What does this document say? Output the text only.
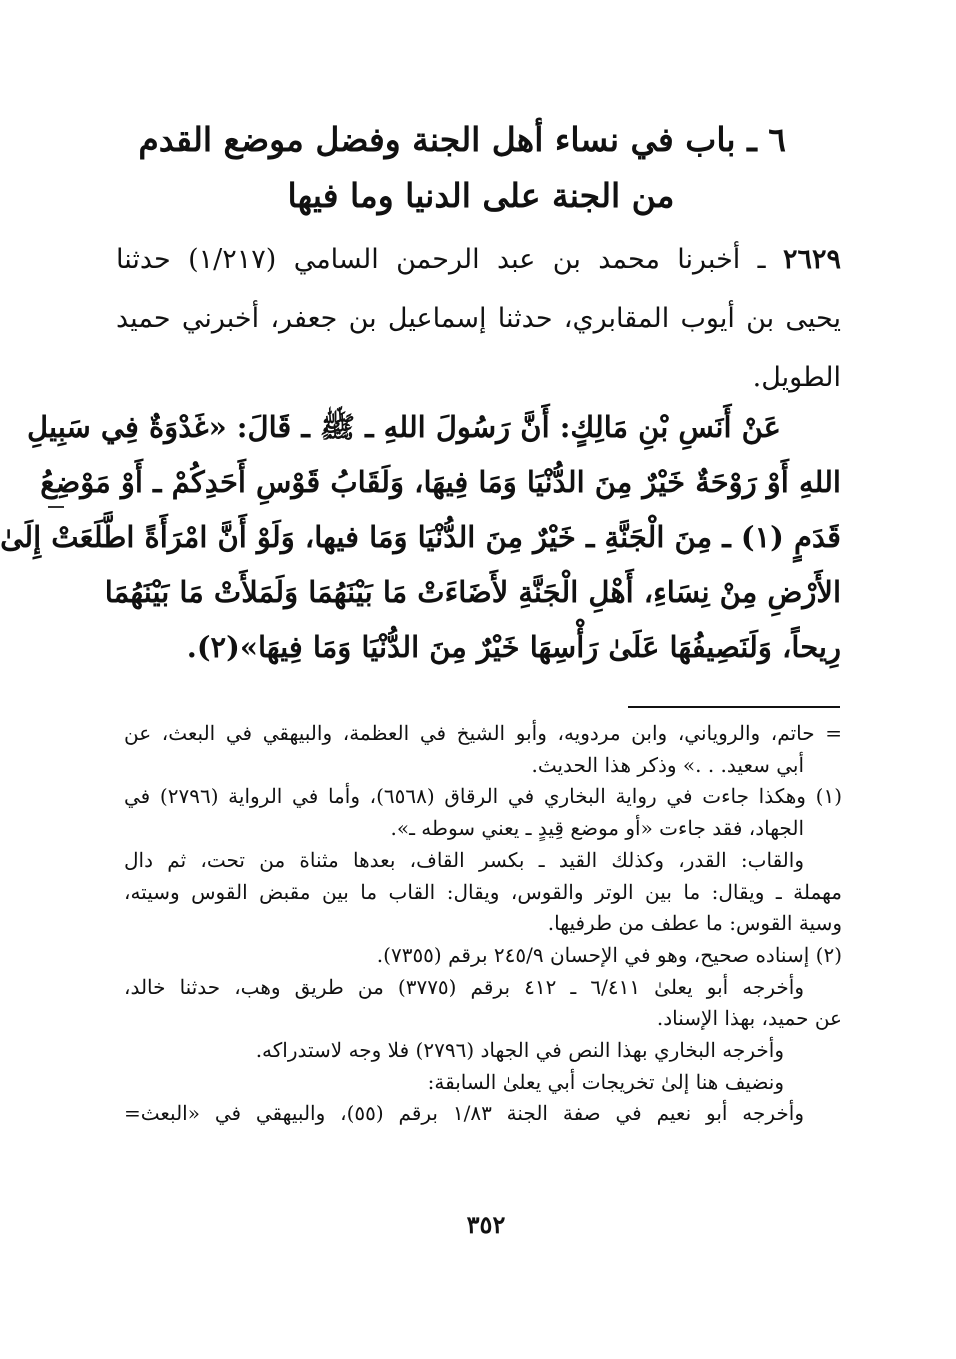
٦ ـ باب في نساء أهل الجنة وفضل موضع القدم
من الجنة على الدنيا وما فيها
٢٦٢٩ ـ أخبرنا محمد بن عبد الرحمن السامي (١/٢١٧) حدثنا
يحيى بن أيوب المقابري، حدثنا إسماعيل بن جعفر، أخبرني حميد
الطويل.
عَنْ أَنَسِ بْنِ مَالِكٍ: أَنَّ رَسُولَ اللهِ ـ ﷺ ـ قَالَ: «غَدْوَةٌ فِي سَبِيلِ
اللهِ أَوْ رَوْحَةٌ خَيْرٌ مِنَ الدُّنْيَا وَمَا فِيهَا، وَلَقَابُ قَوْسِ أَحَدِكُمْ ـ أَوْ مَوْضِعُ
قَدَمٍ (١) ـ مِنَ الْجَنَّةِ ـ خَيْرٌ مِنَ الدُّنْيَا وَمَا فيها، وَلَوْ أَنَّ امْرَأَةً اطَّلَعَتْ إِلَىٰ
الأَرْضِ مِنْ نِسَاءِ، أَهْلِ الْجَنَّةِ لأَضَاءَتْ مَا بَيْنَهُمَا وَلَمَلأَتْ مَا بَيْنَهُمَا
رِيحاً، وَلَنَصِيفُهَا عَلَىٰ رَأْسِهَا خَيْرٌ مِنَ الدُّنْيَا وَمَا فِيهَا»(٢).
= حاتم، والروياني، وابن مردويه، وأبو الشيخ في العظمة، والبيهقي في البعث، عن
أبي سعيد. . .» وذكر هذا الحديث.
(١) وهكذا جاءت في رواية البخاري في الرقاق (٦٥٦٨)، وأما في الرواية (٢٧٩٦) في
الجهاد، فقد جاءت «أو موضع قِيدٍ ـ يعني سوطه ـ».
والقاب: القدر، وكذلك القيد ـ بكسر القاف، بعدها مثناة من تحت، ثم دال
مهملة ـ ويقال: ما بين الوتر والقوس، ويقال: القاب ما بين مقبض القوس وسيته،
وسية القوس: ما عطف من طرفيها.
(٢) إسناده صحيح، وهو في الإحسان ٢٤٥/٩ برقم (٧٣٥٥).
وأخرجه أبو يعلىٰ ٦/٤١١ ـ ٤١٢ برقم (٣٧٧٥) من طريق وهب، حدثنا خالد،
عن حميد، بهذا الإسناد.
وأخرجه البخاري بهذا النص في الجهاد (٢٧٩٦) فلا وجه لاستدراكه.
ونضيف هنا إلىٰ تخريجات أبي يعلىٰ السابقة:
وأخرجه أبو نعيم في صفة الجنة ١/٨٣ برقم (٥٥)، والبيهقي في «البعث=
٣٥٢
